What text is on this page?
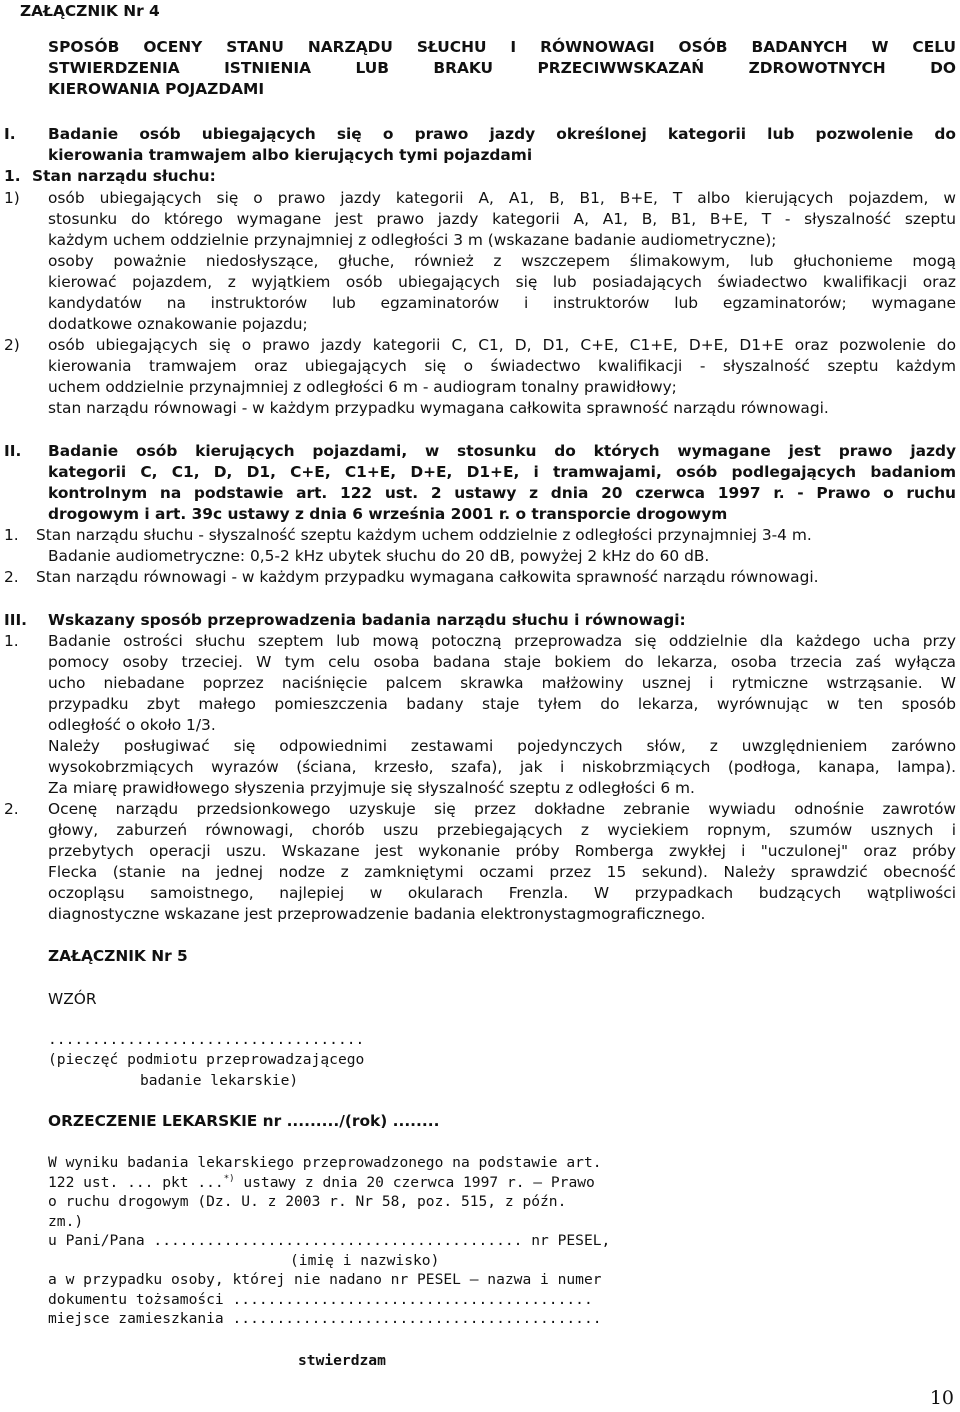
ZAŁĄCZNIK Nr 4
SPOSÓB OCENY STANU NARZĄDU SŁUCHU I RÓWNOWAGI OSÓB BADANYCH W CELU
STWIERDZENIA ISTNIENIA LUB BRAKU PRZECIWWSKAZAŃ ZDROWOTNYCH DO
KIEROWANIA POJAZDAMI
I.	Badanie osób ubiegających się o prawo jazdy określonej kategorii lub pozwolenie do
kierowania tramwajem albo kierujących tymi pojazdami
1. Stan narządu słuchu:
1)	osób ubiegających się o prawo jazdy kategorii A, A1, B, B1, B+E, T albo kierujących pojazdem, w
stosunku do którego wymagane jest prawo jazdy kategorii A, A1, B, B1, B+E, T - słyszalność szeptu
każdym uchem oddzielnie przynajmniej z odległości 3 m (wskazane badanie audiometryczne);
osoby poważnie niedosłyszące, głuche, również z wszczepem ślimakowym, lub głuchonieme mogą
kierować pojazdem, z wyjątkiem osób ubiegających się lub posiadających świadectwo kwalifikacji oraz
kandydatów na instruktorów lub egzaminatorów i instruktorów lub egzaminatorów; wymagane
dodatkowe oznakowanie pojazdu;
2)	osób ubiegających się o prawo jazdy kategorii C, C1, D, D1, C+E, C1+E, D+E, D1+E oraz pozwolenie do
kierowania tramwajem oraz ubiegających się o świadectwo kwalifikacji - słyszalność szeptu każdym
uchem oddzielnie przynajmniej z odległości 6 m - audiogram tonalny prawidłowy;
stan narządu równowagi - w każdym przypadku wymagana całkowita sprawność narządu równowagi.
II.	Badanie osób kierujących pojazdami, w stosunku do których wymagane jest prawo jazdy
kategorii C, C1, D, D1, C+E, C1+E, D+E, D1+E, i tramwajami, osób podlegających badaniom
kontrolnym na podstawie art. 122 ust. 2 ustawy z dnia 20 czerwca 1997 r. - Prawo o ruchu
drogowym i art. 39c ustawy z dnia 6 września 2001 r. o transporcie drogowym
1.	Stan narządu słuchu - słyszalność szeptu każdym uchem oddzielnie z odległości przynajmniej 3-4 m.
Badanie audiometryczne: 0,5-2 kHz ubytek słuchu do 20 dB, powyżej 2 kHz do 60 dB.
2.	Stan narządu równowagi - w każdym przypadku wymagana całkowita sprawność narządu równowagi.
III.	Wskazany sposób przeprowadzenia badania narządu słuchu i równowagi:
1.	Badanie ostrości słuchu szeptem lub mową potoczną przeprowadza się oddzielnie dla każdego ucha przy
pomocy osoby trzeciej. W tym celu osoba badana staje bokiem do lekarza, osoba trzecia zaś wyłącza
ucho niebadane poprzez naciśnięcie palcem skrawka małżowiny usznej i rytmiczne wstrząsanie. W
przypadku zbyt małego pomieszczenia badany staje tyłem do lekarza, wyrównując w ten sposób
odległość o około 1/3.
Należy posługiwać się odpowiednimi zestawami pojedynczych słów, z uwzględnieniem zarówno
wysokobrzmiących wyrazów (ściana, krzesło, szafa), jak i niskobrzmiących (podłoga, kanapa, lampa).
Za miarę prawidłowego słyszenia przyjmuje się słyszalność szeptu z odległości 6 m.
2.	Ocenę narządu przedsionkowego uzyskuje się przez dokładne zebranie wywiadu odnośnie zawrotów
głowy, zaburzeń równowagi, chorób uszu przebiegających z wyciekiem ropnym, szumów usznych i
przebytych operacji uszu. Wskazane jest wykonanie próby Romberga zwykłej i "uczulonej" oraz próby
Flecka (stanie na jednej nodze z zamkniętymi oczami przez 15 sekund). Należy sprawdzić obecność
oczopląsu samoistnego, najlepiej w okularach Frenzla. W przypadkach budzących wątpliwości
diagnostyczne wskazane jest przeprowadzenie badania elektronystagmograficznego.
ZAŁĄCZNIK Nr 5
WZÓR
....................................
(pieczęć podmiotu przeprowadzającego
badanie lekarskie)
ORZECZENIE LEKARSKIE nr ........./(rok) ........
W wyniku badania lekarskiego przeprowadzonego na podstawie art.
122 ust. ... pkt ...*) ustawy z dnia 20 czerwca 1997 r. – Prawo
o ruchu drogowym (Dz. U. z 2003 r. Nr 58, poz. 515, z późn.
zm.)
u Pani/Pana .......................................... nr PESEL,
(imię i nazwisko)
a w przypadku osoby, której nie nadano nr PESEL – nazwa i numer
dokumentu tożsamości .........................................
miejsce zamieszkania ..........................................
stwierdzam
10
